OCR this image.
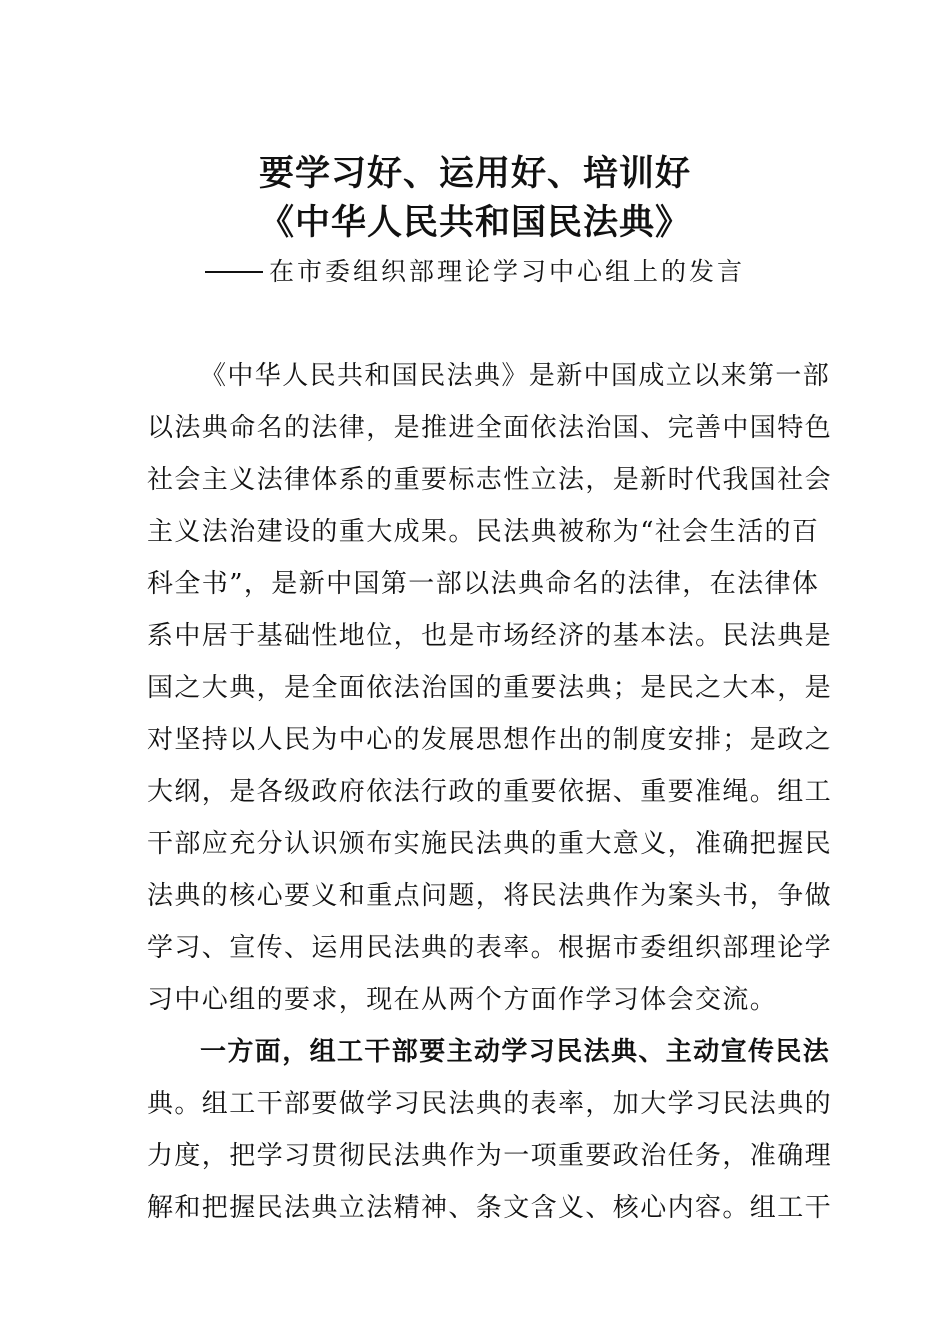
要学习好、运用好、培训好
《中华人民共和国民法典》
在市委组织部理论学习中心组上的发言
《中华人民共和国民法典》是新中国成立以来第一部
以法典命名的法律，是推进全面依法治国、完善中国特色
社会主义法律体系的重要标志性立法，是新时代我国社会
主义法治建设的重大成果。民法典被称为“社会生活的百
科全书”，是新中国第一部以法典命名的法律，在法律体
系中居于基础性地位，也是市场经济的基本法。民法典是
国之大典，是全面依法治国的重要法典；是民之大本，是
对坚持以人民为中心的发展思想作出的制度安排；是政之
大纲，是各级政府依法行政的重要依据、重要准绳。组工
干部应充分认识颁布实施民法典的重大意义，准确把握民
法典的核心要义和重点问题，将民法典作为案头书，争做
学习、宣传、运用民法典的表率。根据市委组织部理论学
习中心组的要求，现在从两个方面作学习体会交流。
一方面，组工干部要主动学习民法典、主动宣传民法
典。组工干部要做学习民法典的表率，加大学习民法典的
力度，把学习贯彻民法典作为一项重要政治任务，准确理
解和把握民法典立法精神、条文含义、核心内容。组工干
